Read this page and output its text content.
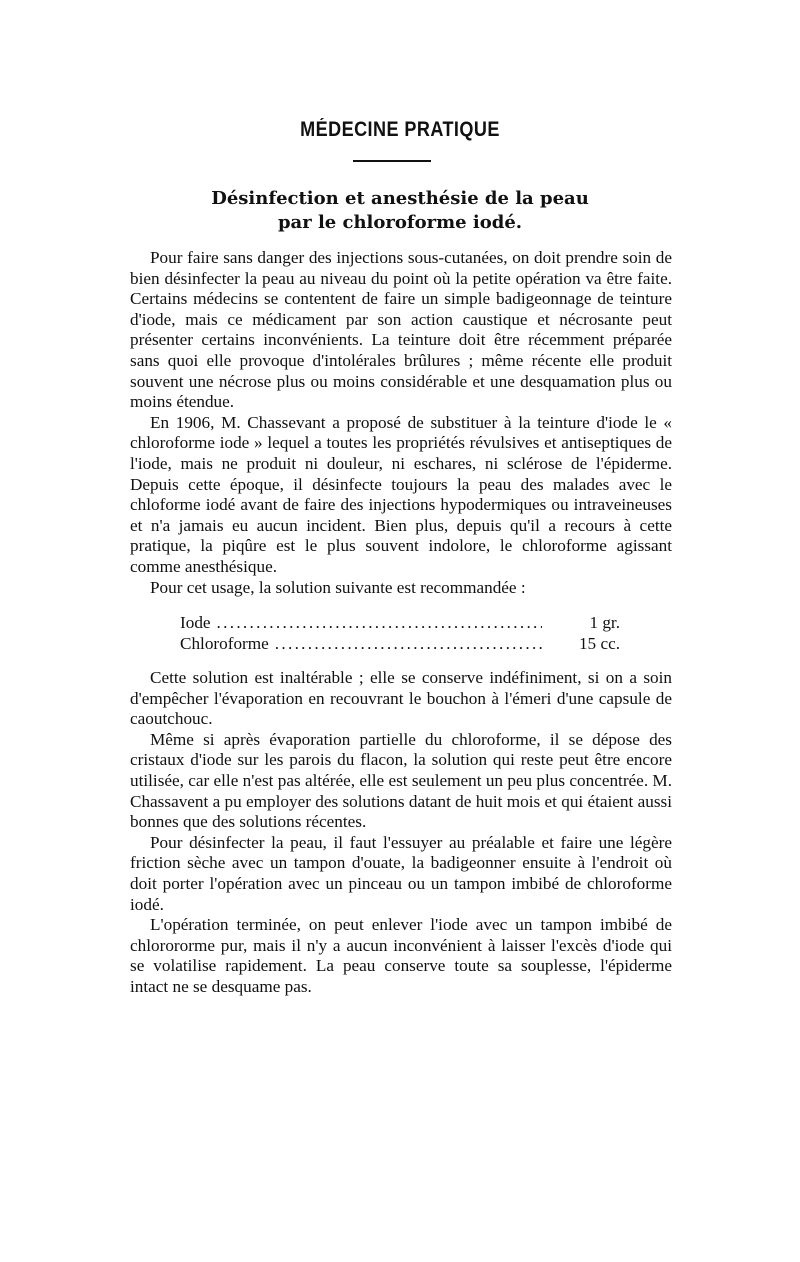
MÉDECINE PRATIQUE
Désinfection et anesthésie de la peau
par le chloroforme iodé.

Pour faire sans danger des injections sous-cutanées, on doit prendre soin de bien désinfecter la peau au niveau du point où la petite opération va être faite. Certains médecins se contentent de faire un simple badigeonnage de teinture d'iode, mais ce médicament par son action caustique et nécrosante peut présenter certains inconvénients. La teinture doit être récemment préparée sans quoi elle provoque d'intolérales brûlures ; même récente elle produit souvent une nécrose plus ou moins considérable et une desquamation plus ou moins étendue.

En 1906, M. Chassevant a proposé de substituer à la teinture d'iode le « chloroforme iode » lequel a toutes les propriétés révulsives et antiseptiques de l'iode, mais ne produit ni douleur, ni eschares, ni sclérose de l'épiderme. Depuis cette époque, il désinfecte toujours la peau des malades avec le chloforme iodé avant de faire des injections hypodermiques ou intraveineuses et n'a jamais eu aucun incident. Bien plus, depuis qu'il a recours à cette pratique, la piqûre est le plus souvent indolore, le chloroforme agissant comme anesthésique.

Pour cet usage, la solution suivante est recommandée :

Iode . . .	1 gr.
Chloroforme . . .	15 cc.

Cette solution est inaltérable ; elle se conserve indéfiniment, si on a soin d'empêcher l'évaporation en recouvrant le bouchon à l'émeri d'une capsule de caoutchouc.

Même si après évaporation partielle du chloroforme, il se dépose des cristaux d'iode sur les parois du flacon, la solution qui reste peut être encore utilisée, car elle n'est pas altérée, elle est seulement un peu plus concentrée. M. Chassavent a pu employer des solutions datant de huit mois et qui étaient aussi bonnes que des solutions récentes.

Pour désinfecter la peau, il faut l'essuyer au préalable et faire une légère friction sèche avec un tampon d'ouate, la badigeonner ensuite à l'endroit où doit porter l'opération avec un pinceau ou un tampon imbibé de chloroforme iodé.

L'opération terminée, on peut enlever l'iode avec un tampon imbibé de chlorororme pur, mais il n'y a aucun inconvénient à laisser l'excès d'iode qui se volatilise rapidement. La peau conserve toute sa souplesse, l'épiderme intact ne se desquame pas.
